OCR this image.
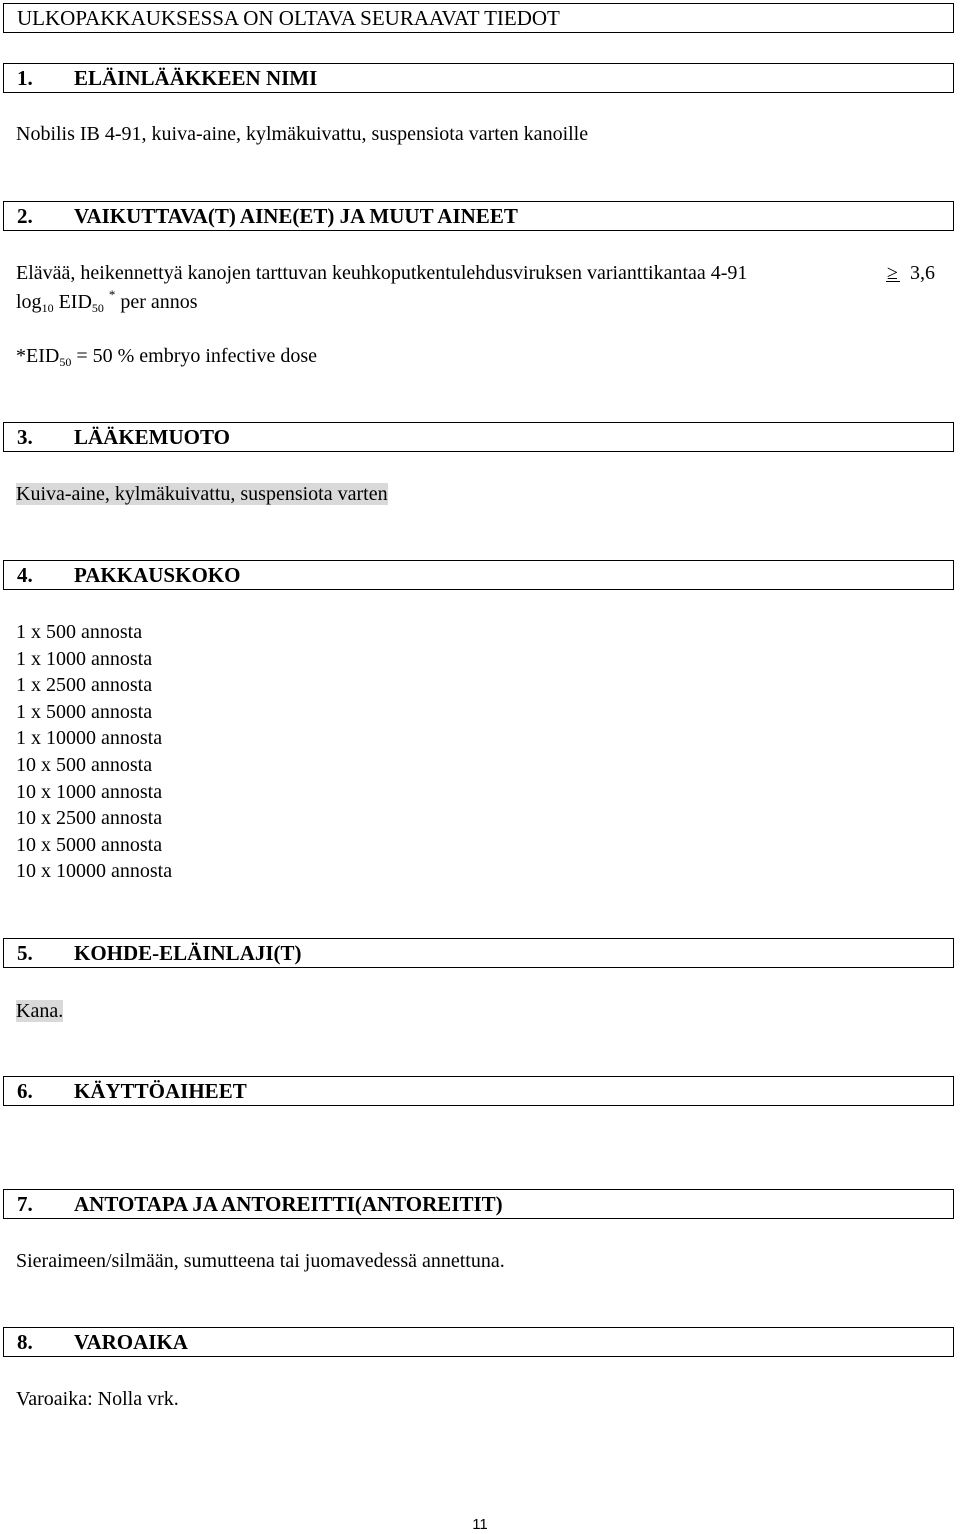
ULKOPAKKAUKSESSA ON OLTAVA SEURAAVAT TIEDOT
1. ELÄINLÄÄKKEEN NIMI
Nobilis IB 4-91, kuiva-aine, kylmäkuivattu, suspensiota varten kanoille
2. VAIKUTTAVA(T) AINE(ET) JA MUUT AINEET
Elävää, heikennettyä kanojen tarttuvan keuhkoputkentulehdusviruksen varianttikantaa 4-91	≥ 3,6
$\log_{10} EID_{50}$ * per annos
$*EID_{50} = 50$ % embryo infective dose
3. LÄÄKEMUOTO
Kuiva-aine, kylmäkuivattu, suspensiota varten
4. PAKKAUSKOKO
1 x 500 annosta
1 x 1000 annosta
1 x 2500 annosta
1 x 5000 annosta
1 x 10000 annosta
10 x 500 annosta
10 x 1000 annosta
10 x 2500 annosta
10 x 5000 annosta
10 x 10000 annosta
5. KOHDE-ELÄINLAJI(T)
Kana.
6. KÄYTTÖAIHEET
7. ANTOTAPA JA ANTOREITTI(ANTOREITIT)
Sieraimeen/silmään, sumutteena tai juomavedessä annettuna.
8. VAROAIKA
Varoaika: Nolla vrk.
11
